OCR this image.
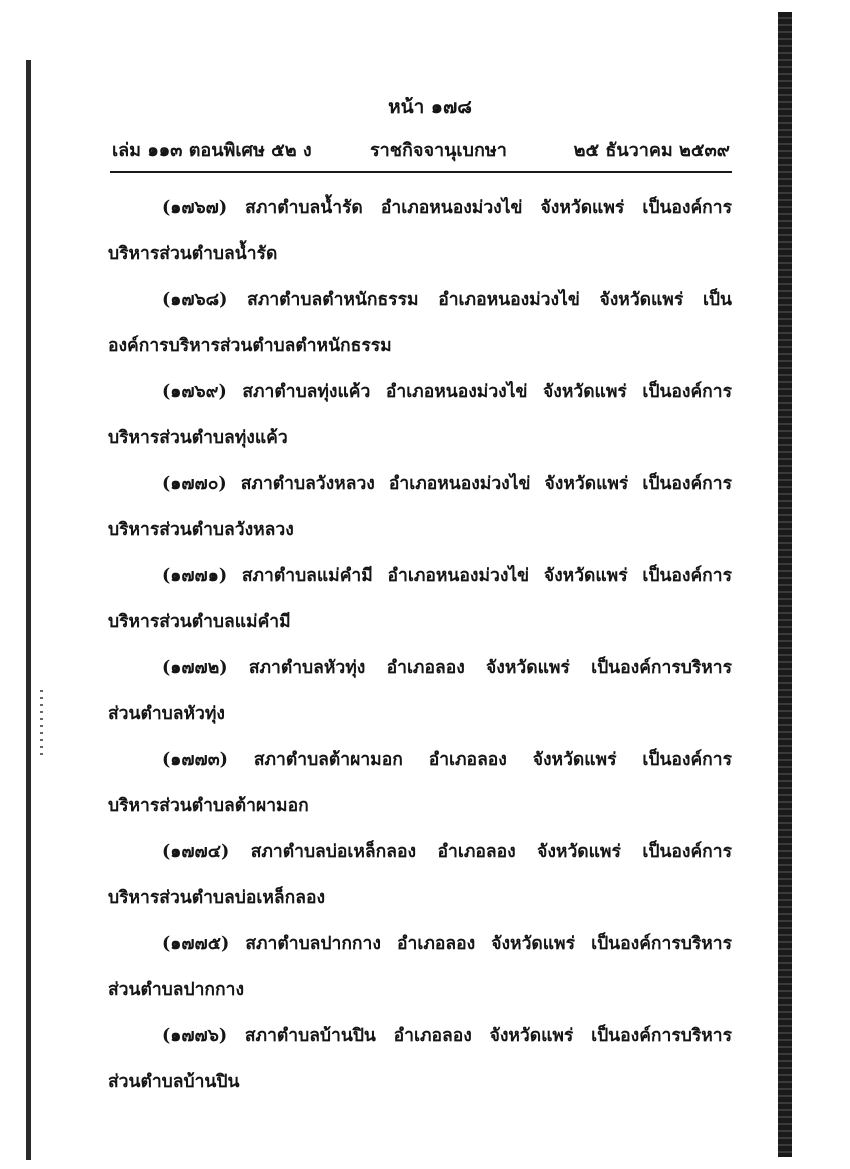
หน้า ๑๗๘
เล่ม ๑๑๓ ตอนพิเศษ ๕๒ ง	ราชกิจจานุเบกษา	๒๕ ธันวาคม ๒๕๓๙
(๑๗๖๗) สภาตำบลน้ำรัด อำเภอหนองม่วงไข่ จังหวัดแพร่ เป็นองค์การ
บริหารส่วนตำบลน้ำรัด
(๑๗๖๘) สภาตำบลตำหนักธรรม อำเภอหนองม่วงไข่ จังหวัดแพร่ เป็น
องค์การบริหารส่วนตำบลตำหนักธรรม
(๑๗๖๙) สภาตำบลทุ่งแค้ว อำเภอหนองม่วงไข่ จังหวัดแพร่ เป็นองค์การ
บริหารส่วนตำบลทุ่งแค้ว
(๑๗๗๐) สภาตำบลวังหลวง อำเภอหนองม่วงไข่ จังหวัดแพร่ เป็นองค์การ
บริหารส่วนตำบลวังหลวง
(๑๗๗๑) สภาตำบลแม่คำมี อำเภอหนองม่วงไข่ จังหวัดแพร่ เป็นองค์การ
บริหารส่วนตำบลแม่คำมี
(๑๗๗๒) สภาตำบลหัวทุ่ง อำเภอลอง จังหวัดแพร่ เป็นองค์การบริหาร
ส่วนตำบลหัวทุ่ง
(๑๗๗๓) สภาตำบลต้าผามอก อำเภอลอง จังหวัดแพร่ เป็นองค์การ
บริหารส่วนตำบลต้าผามอก
(๑๗๗๔) สภาตำบลบ่อเหล็กลอง อำเภอลอง จังหวัดแพร่ เป็นองค์การ
บริหารส่วนตำบลบ่อเหล็กลอง
(๑๗๗๕) สภาตำบลปากกาง อำเภอลอง จังหวัดแพร่ เป็นองค์การบริหาร
ส่วนตำบลปากกาง
(๑๗๗๖) สภาตำบลบ้านปิน อำเภอลอง จังหวัดแพร่ เป็นองค์การบริหาร
ส่วนตำบลบ้านปิน
